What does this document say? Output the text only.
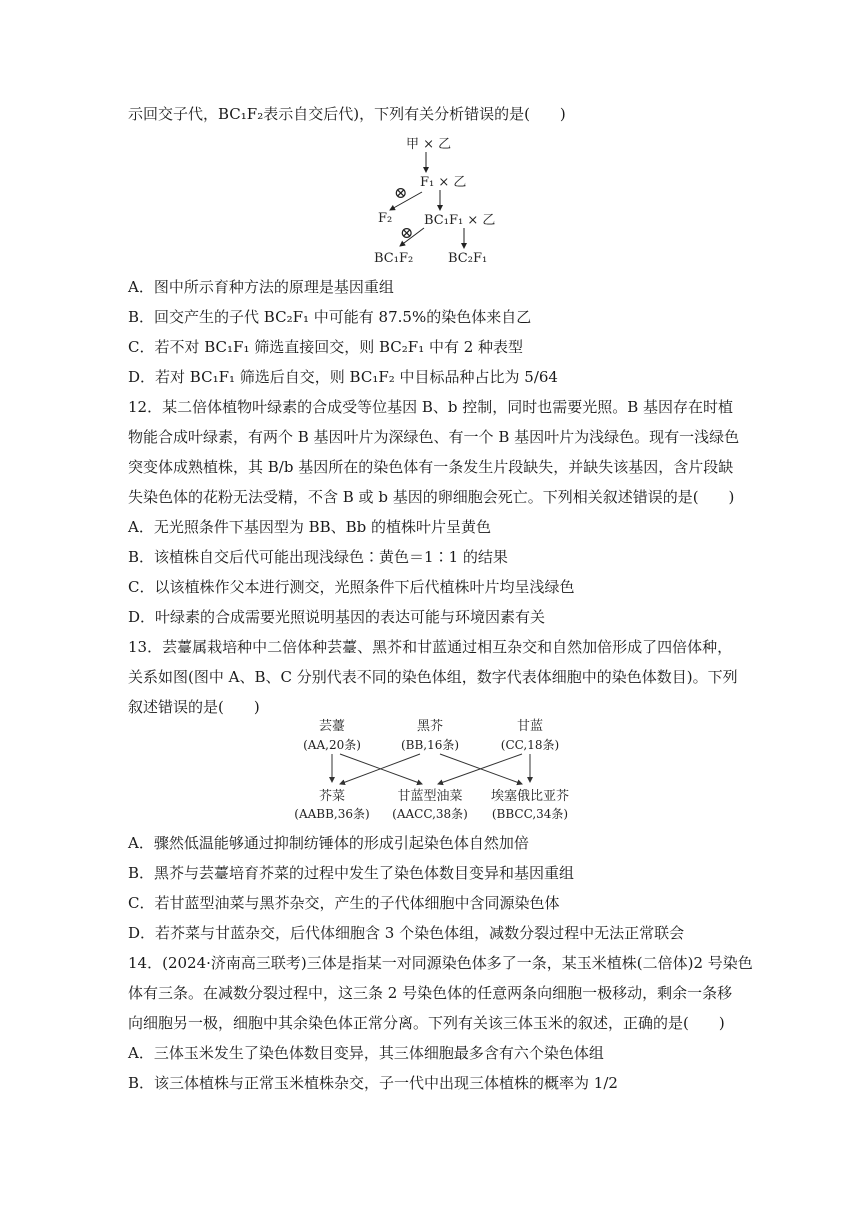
示回交子代，BC₁F₂表示自交后代)，下列有关分析错误的是(　　)
甲 × 乙
F₁ × 乙
⊗
F₂ BC₁F₁ × 乙
⊗
BC₁F₂	BC₂F₁
A．图中所示育种方法的原理是基因重组
B．回交产生的子代 BC₂F₁ 中可能有 87.5%的染色体来自乙
C．若不对 BC₁F₁ 筛选直接回交，则 BC₂F₁ 中有 2 种表型
D．若对 BC₁F₁ 筛选后自交，则 BC₁F₂ 中目标品种占比为 5/64
12．某二倍体植物叶绿素的合成受等位基因 B、b 控制，同时也需要光照。B 基因存在时植
物能合成叶绿素，有两个 B 基因叶片为深绿色、有一个 B 基因叶片为浅绿色。现有一浅绿色
突变体成熟植株，其 B/b 基因所在的染色体有一条发生片段缺失，并缺失该基因，含片段缺
失染色体的花粉无法受精，不含 B 或 b 基因的卵细胞会死亡。下列相关叙述错误的是(　　)
A．无光照条件下基因型为 BB、Bb 的植株叶片呈黄色
B．该植株自交后代可能出现浅绿色∶黄色＝1∶1 的结果
C．以该植株作父本进行测交，光照条件下后代植株叶片均呈浅绿色
D．叶绿素的合成需要光照说明基因的表达可能与环境因素有关
13．芸薹属栽培种中二倍体种芸薹、黑芥和甘蓝通过相互杂交和自然加倍形成了四倍体种，
关系如图(图中 A、B、C 分别代表不同的染色体组，数字代表体细胞中的染色体数目)。下列
叙述错误的是(　　)
芸薹
(AA,20条)
黑芥
(BB,16条)
甘蓝
(CC,18条)
芥菜
(AABB,36条)
甘蓝型油菜
(AACC,38条)
埃塞俄比亚芥
(BBCC,34条)
A．骤然低温能够通过抑制纺锤体的形成引起染色体自然加倍
B．黑芥与芸薹培育芥菜的过程中发生了染色体数目变异和基因重组
C．若甘蓝型油菜与黑芥杂交，产生的子代体细胞中含同源染色体
D．若芥菜与甘蓝杂交，后代体细胞含 3 个染色体组，减数分裂过程中无法正常联会
14．(2024·济南高三联考)三体是指某一对同源染色体多了一条，某玉米植株(二倍体)2 号染色
体有三条。在减数分裂过程中，这三条 2 号染色体的任意两条向细胞一极移动，剩余一条移
向细胞另一极，细胞中其余染色体正常分离。下列有关该三体玉米的叙述，正确的是(　　)
A．三体玉米发生了染色体数目变异，其三体细胞最多含有六个染色体组
B．该三体植株与正常玉米植株杂交，子一代中出现三体植株的概率为 1/2
